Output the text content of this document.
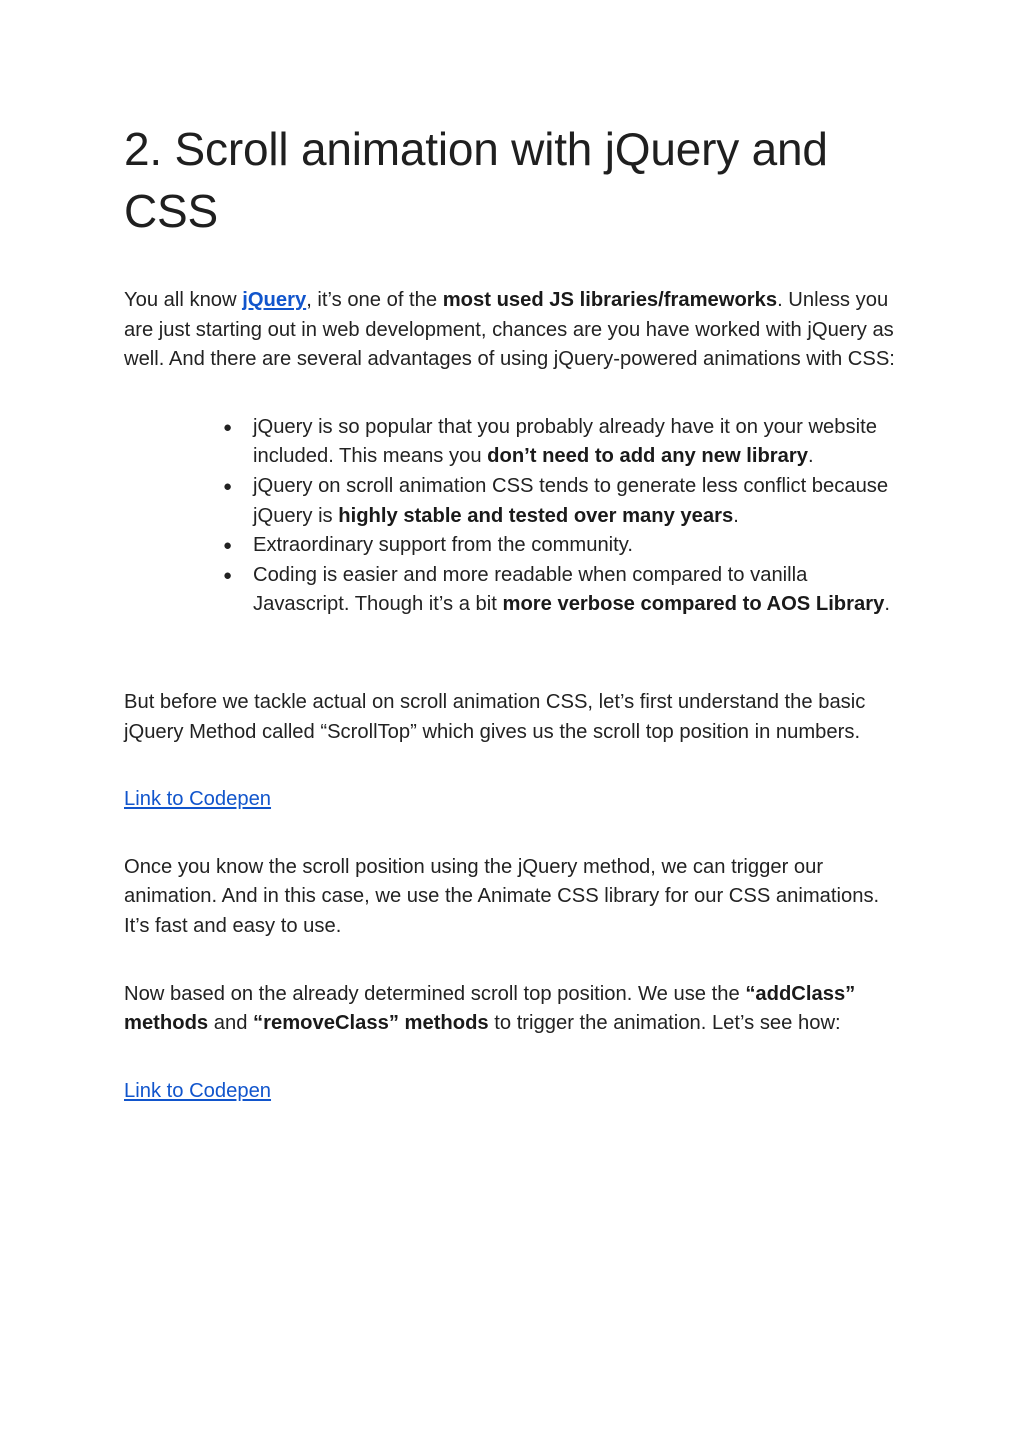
2. Scroll animation with jQuery and CSS

You all know jQuery, it’s one of the most used JS libraries/frameworks. Unless you are just starting out in web development, chances are you have worked with jQuery as well. And there are several advantages of using jQuery-powered animations with CSS:

● jQuery is so popular that you probably already have it on your website included. This means you don’t need to add any new library.
● jQuery on scroll animation CSS tends to generate less conflict because jQuery is highly stable and tested over many years.
● Extraordinary support from the community.
● Coding is easier and more readable when compared to vanilla Javascript. Though it’s a bit more verbose compared to AOS Library.

But before we tackle actual on scroll animation CSS, let’s first understand the basic jQuery Method called “ScrollTop” which gives us the scroll top position in numbers.

Link to Codepen

Once you know the scroll position using the jQuery method, we can trigger our animation. And in this case, we use the Animate CSS library for our CSS animations. It’s fast and easy to use.

Now based on the already determined scroll top position. We use the “addClass” methods and “removeClass” methods to trigger the animation. Let’s see how:

Link to Codepen
